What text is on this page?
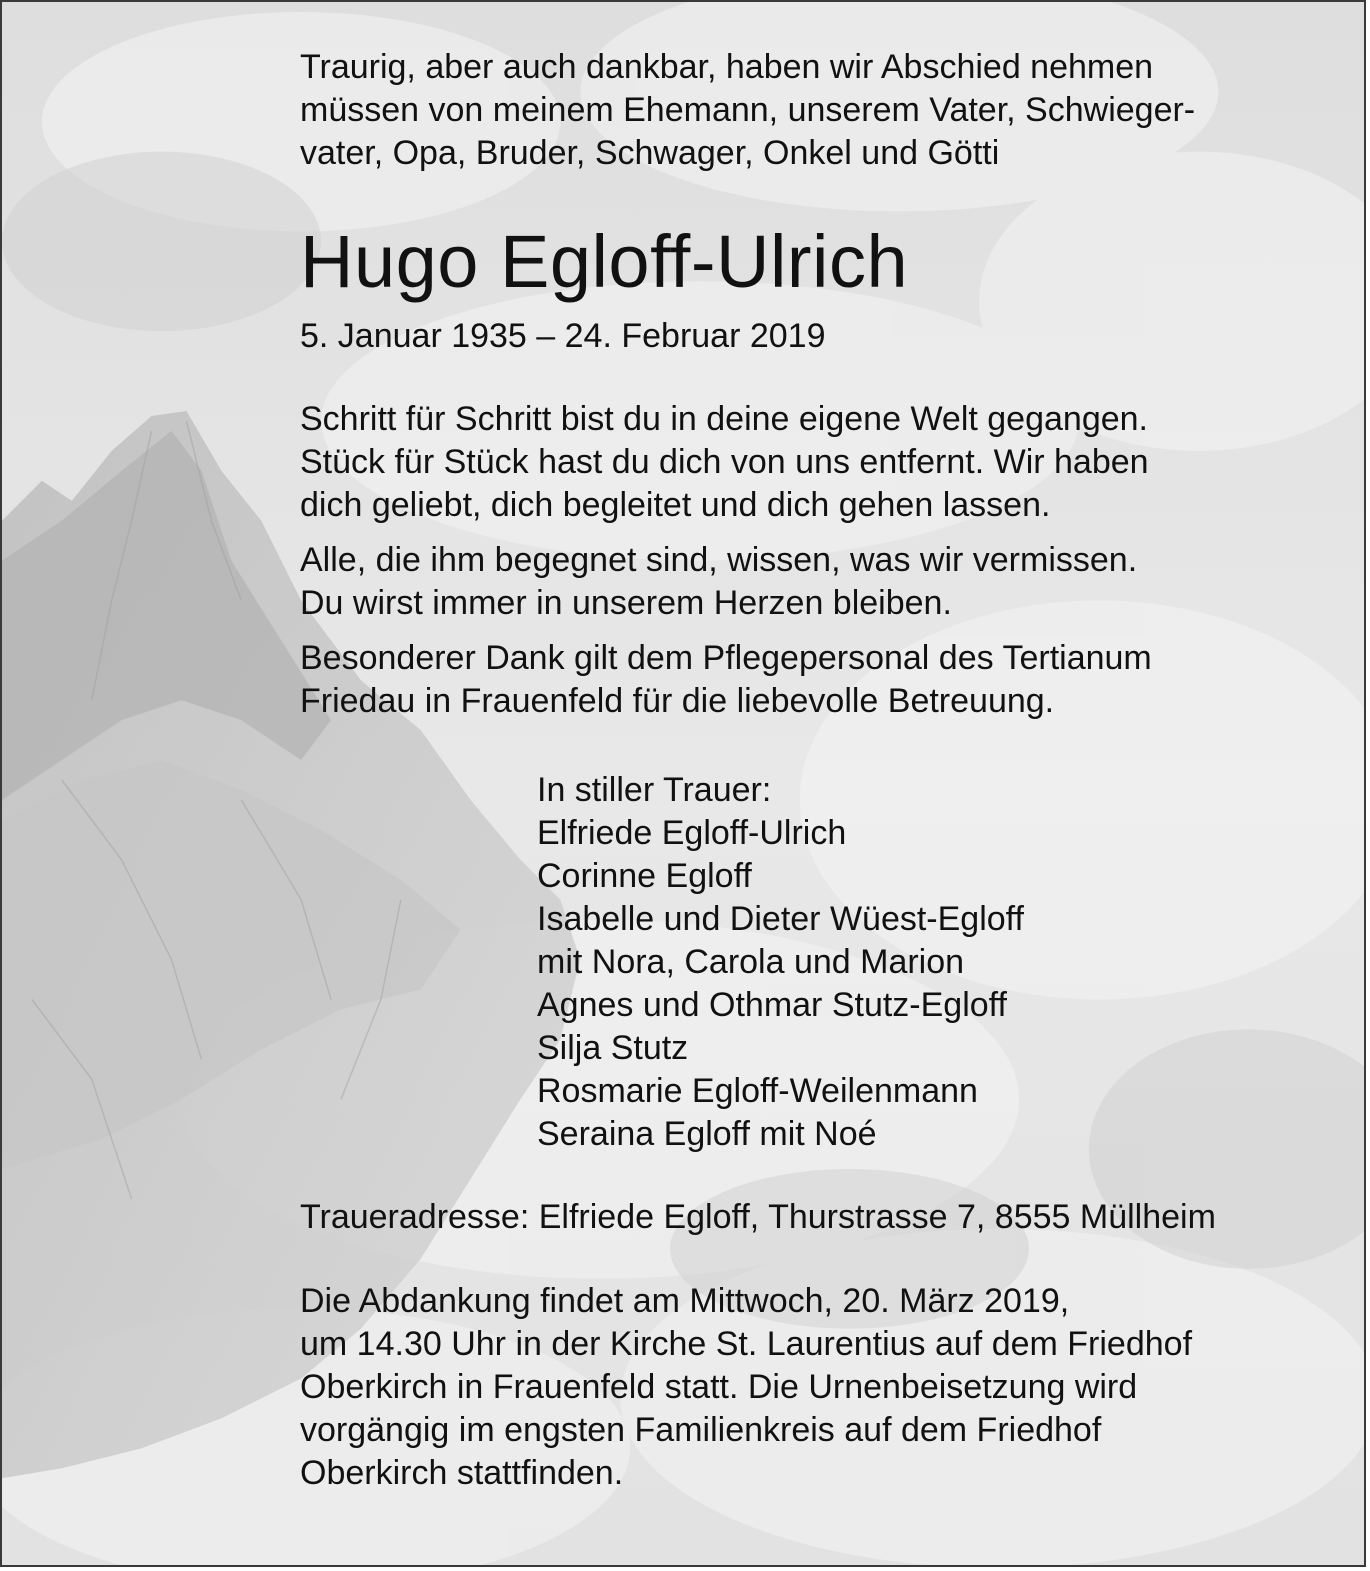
Traurig, aber auch dankbar, haben wir Abschied nehmen
müssen von meinem Ehemann, unserem Vater, Schwieger-
vater, Opa, Bruder, Schwager, Onkel und Götti

Hugo Egloff-Ulrich

5. Januar 1935 – 24. Februar 2019

Schritt für Schritt bist du in deine eigene Welt gegangen.
Stück für Stück hast du dich von uns entfernt. Wir haben
dich geliebt, dich begleitet und dich gehen lassen.

Alle, die ihm begegnet sind, wissen, was wir vermissen.
Du wirst immer in unserem Herzen bleiben.

Besonderer Dank gilt dem Pflegepersonal des Tertianum
Friedau in Frauenfeld für die liebevolle Betreuung.

In stiller Trauer:
Elfriede Egloff-Ulrich
Corinne Egloff
Isabelle und Dieter Wüest-Egloff
mit Nora, Carola und Marion
Agnes und Othmar Stutz-Egloff
Silja Stutz
Rosmarie Egloff-Weilenmann
Seraina Egloff mit Noé
Traueradresse: Elfriede Egloff, Thurstrasse 7, 8555 Müllheim
Die Abdankung findet am Mittwoch, 20. März 2019,
um 14.30 Uhr in der Kirche St. Laurentius auf dem Friedhof
Oberkirch in Frauenfeld statt. Die Urnenbeisetzung wird
vorgängig im engsten Familienkreis auf dem Friedhof
Oberkirch stattfinden.
